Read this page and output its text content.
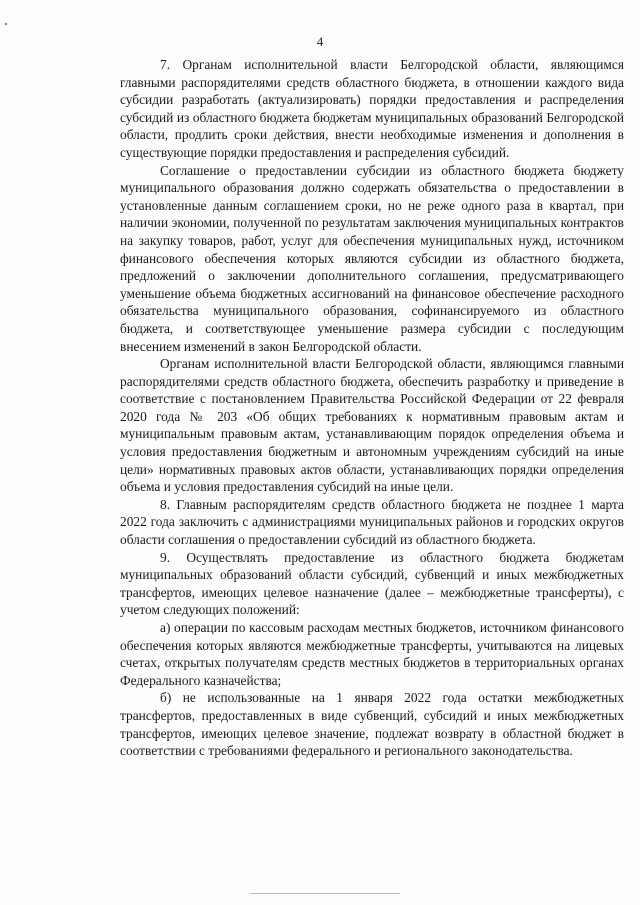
4

7. Органам исполнительной власти Белгородской области, являющимся главными распорядителями средств областного бюджета, в отношении каждого вида субсидии разработать (актуализировать) порядки предоставления и распределения субсидий из областного бюджета бюджетам муниципальных образований Белгородской области, продлить сроки действия, внести необходимые изменения и дополнения в существующие порядки предоставления и распределения субсидий.

Соглашение о предоставлении субсидии из областного бюджета бюджету муниципального образования должно содержать обязательства о предоставлении в установленные данным соглашением сроки, но не реже одного раза в квартал, при наличии экономии, полученной по результатам заключения муниципальных контрактов на закупку товаров, работ, услуг для обеспечения муниципальных нужд, источником финансового обеспечения которых являются субсидии из областного бюджета, предложений о заключении дополнительного соглашения, предусматривающего уменьшение объема бюджетных ассигнований на финансовое обеспечение расходного обязательства муниципального образования, софинансируемого из областного бюджета, и соответствующее уменьшение размера субсидии с последующим внесением изменений в закон Белгородской области.

Органам исполнительной власти Белгородской области, являющимся главными распорядителями средств областного бюджета, обеспечить разработку и приведение в соответствие с постановлением Правительства Российской Федерации от 22 февраля 2020 года № 203 «Об общих требованиях к нормативным правовым актам и муниципальным правовым актам, устанавливающим порядок определения объема и условия предоставления бюджетным и автономным учреждениям субсидий на иные цели» нормативных правовых актов области, устанавливающих порядки определения объема и условия предоставления субсидий на иные цели.

8. Главным распорядителям средств областного бюджета не позднее 1 марта 2022 года заключить с администрациями муниципальных районов и городских округов области соглашения о предоставлении субсидий из областного бюджета.

9. Осуществлять предоставление из областного бюджета бюджетам муниципальных образований области субсидий, субвенций и иных межбюджетных трансфертов, имеющих целевое назначение (далее – межбюджетные трансферты), с учетом следующих положений:

а) операции по кассовым расходам местных бюджетов, источником финансового обеспечения которых являются межбюджетные трансферты, учитываются на лицевых счетах, открытых получателям средств местных бюджетов в территориальных органах Федерального казначейства;

б) не использованные на 1 января 2022 года остатки межбюджетных трансфертов, предоставленных в виде субвенций, субсидий и иных межбюджетных трансфертов, имеющих целевое значение, подлежат возврату в областной бюджет в соответствии с требованиями федерального и регионального законодательства.
